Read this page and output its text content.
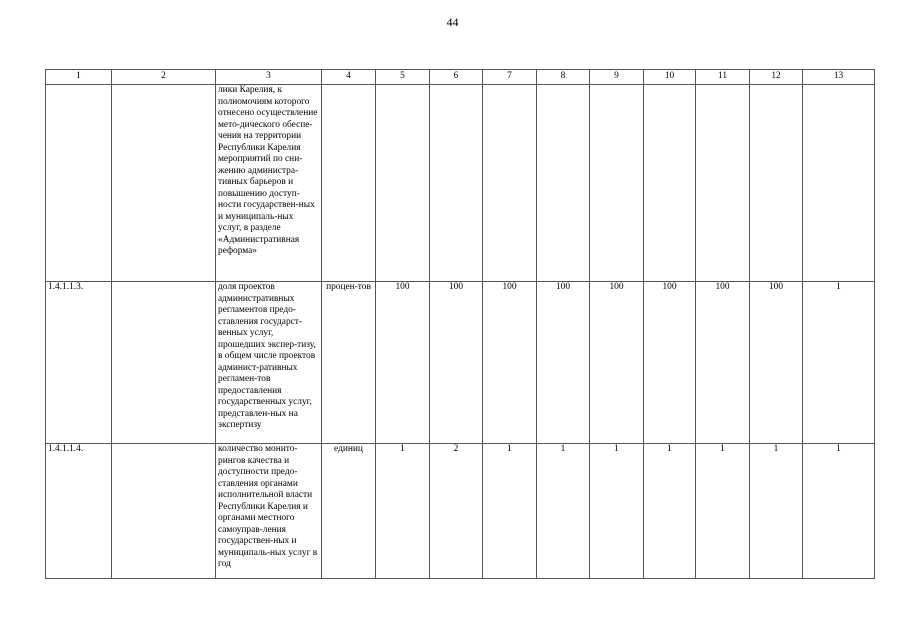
44
1	2	3	4	5	6	7	8	9	10	11	12	13
		лики Карелия, к полномочиям которого отнесено осуществление мето-дического обеспе-чения на территории Республики Карелия мероприятий по сни-жению администра-тивных барьеров и повышению доступ-ности государствен-ных и муниципаль-ных услуг, в разделе «Административная реформа»										
1.4.1.1.3.		доля проектов административных регламентов предо-ставления государст-венных услуг, прошедших экспер-тизу, в общем числе проектов админист-ративных регламен-тов предоставления государственных услуг, представлен-ных на экспертизу	процен-тов	100	100	100	100	100	100	100	100	1
1.4.1.1.4.		количество монито-рингов качества и доступности предо-ставления органами исполнительной власти Республики Карелия и органами местного самоуправ-ления государствен-ных и муниципаль-ных услуг в год	единиц	1	2	1	1	1	1	1	1	1
